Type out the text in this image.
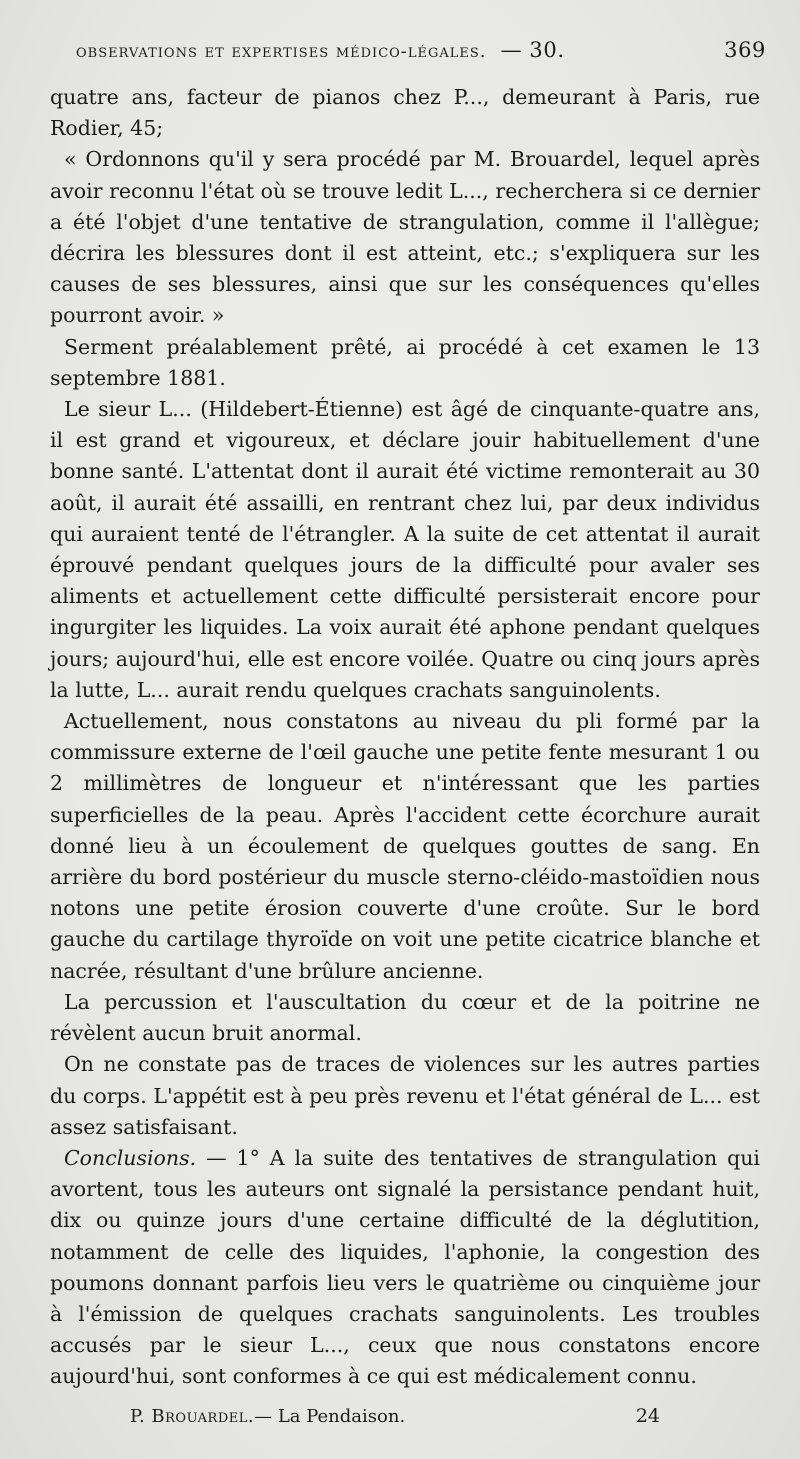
observations et expertises médico-légales. — 30.	369

quatre ans, facteur de pianos chez P..., demeurant à Paris, rue Rodier, 45;

« Ordonnons qu'il y sera procédé par M. Brouardel, lequel après avoir reconnu l'état où se trouve ledit L..., recherchera si ce dernier a été l'objet d'une tentative de strangulation, comme il l'allègue; décrira les blessures dont il est atteint, etc.; s'expliquera sur les causes de ses blessures, ainsi que sur les conséquences qu'elles pourront avoir. »

Serment préalablement prêté, ai procédé à cet examen le 13 septembre 1881.

Le sieur L... (Hildebert-Étienne) est âgé de cinquante-quatre ans, il est grand et vigoureux, et déclare jouir habituellement d'une bonne santé. L'attentat dont il aurait été victime remonterait au 30 août, il aurait été assailli, en rentrant chez lui, par deux individus qui auraient tenté de l'étrangler. A la suite de cet attentat il aurait éprouvé pendant quelques jours de la difficulté pour avaler ses aliments et actuellement cette difficulté persisterait encore pour ingurgiter les liquides. La voix aurait été aphone pendant quelques jours; aujourd'hui, elle est encore voilée. Quatre ou cinq jours après la lutte, L... aurait rendu quelques crachats sanguinolents.

Actuellement, nous constatons au niveau du pli formé par la commissure externe de l'œil gauche une petite fente mesurant 1 ou 2 millimètres de longueur et n'intéressant que les parties superficielles de la peau. Après l'accident cette écorchure aurait donné lieu à un écoulement de quelques gouttes de sang. En arrière du bord postérieur du muscle sterno-cléido-mastoïdien nous notons une petite érosion couverte d'une croûte. Sur le bord gauche du cartilage thyroïde on voit une petite cicatrice blanche et nacrée, résultant d'une brûlure ancienne.

La percussion et l'auscultation du cœur et de la poitrine ne révèlent aucun bruit anormal.

On ne constate pas de traces de violences sur les autres parties du corps. L'appétit est à peu près revenu et l'état général de L... est assez satisfaisant.

Conclusions. — 1° A la suite des tentatives de strangulation qui avortent, tous les auteurs ont signalé la persistance pendant huit, dix ou quinze jours d'une certaine difficulté de la déglutition, notamment de celle des liquides, l'aphonie, la congestion des poumons donnant parfois lieu vers le quatrième ou cinquième jour à l'émission de quelques crachats sanguinolents. Les troubles accusés par le sieur L..., ceux que nous constatons encore aujourd'hui, sont conformes à ce qui est médicalement connu.

P. Brouardel. — La Pendaison.	24
